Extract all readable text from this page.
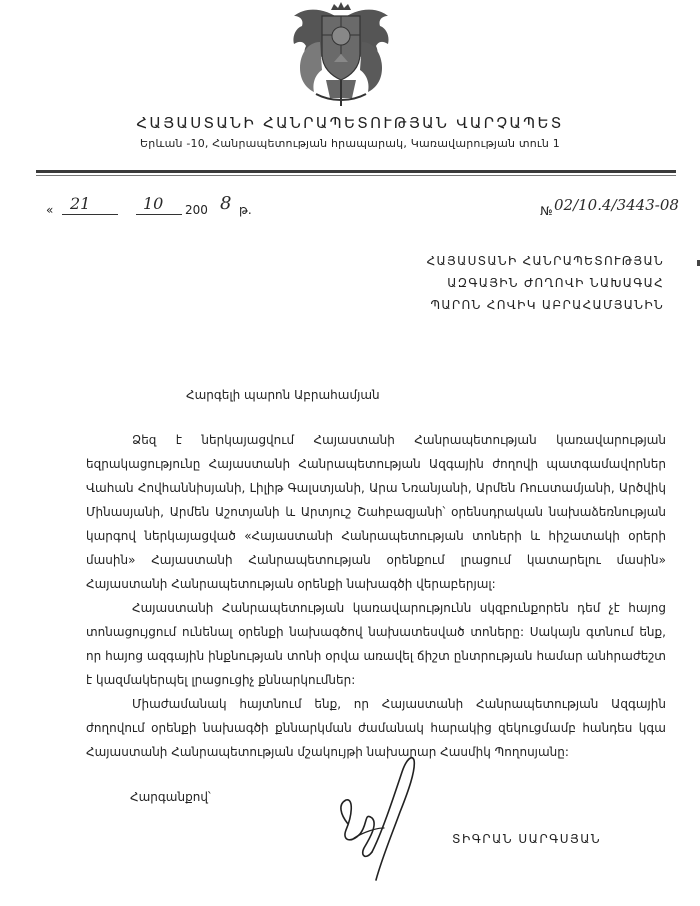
ՀԱՅԱՍՏԱՆԻ ՀԱՆՐԱՊԵՏՈՒԹՅԱՆ ՎԱՐՉԱՊԵՏ
Երևան -10, Հանրապետության հրապարակ, Կառավարության տուն 1
« 21	10 200 8 թ.	№ 02/10.4/3443-08
ՀԱՅԱՍՏԱՆԻ ՀԱՆՐԱՊԵՏՈՒԹՅԱՆ
ԱԶԳԱՅԻՆ ԺՈՂՈՎԻ ՆԱԽԱԳԱՀ
ՊԱՐՈՆ ՀՈՎԻԿ ԱԲՐԱՀԱՄՅԱՆԻՆ
Հարգելի պարոն Աբրահամյան

Ձեզ է ներկայացվում Հայաստանի Հանրապետության կառավարության եզրակացությունը Հայաստանի Հանրապետության Ազգային ժողովի պատգամավորներ Վահան Հովհաննիսյանի, Լիլիթ Գալստյանի, Արա Նռանյանի, Արմեն Ռուստամյանի, Արծվիկ Մինասյանի, Արմեն Աշոտյանի և Արտյուշ Շահբազյանի՝ օրենսդրական նախաձեռնության կարգով ներկայացված «Հայաստանի Հանրապետության տոների և հիշատակի օրերի մասին» Հայաստանի Հանրապետության օրենքում լրացում կատարելու մասին» Հայաստանի Հանրապետության օրենքի նախագծի վերաբերյալ:

Հայաստանի Հանրապետության կառավարությունն սկզբունքորեն դեմ չէ հայոց տոնացույցում ունենալ օրենքի նախագծով նախատեսված տոները: Սակայն գտնում ենք, որ հայոց ազգային ինքնության տոնի օրվա առավել ճիշտ ընտրության համար անհրաժեշտ է կազմակերպել լրացուցիչ քննարկումներ:

Միաժամանակ hայտնում ենք, որ Հայաստանի Հանրապետության Ազգային ժողովում օրենքի նախագծի քննարկման ժամանակ hարակից զեկուցմամբ հանդես կգա Հայաստանի Հանրապետության մշակույթի նախարար Հասմիկ Պողոսյանը:

Հարգանքով՝
ՏԻԳՐԱՆ ՍԱՐԳՍՅԱՆ
